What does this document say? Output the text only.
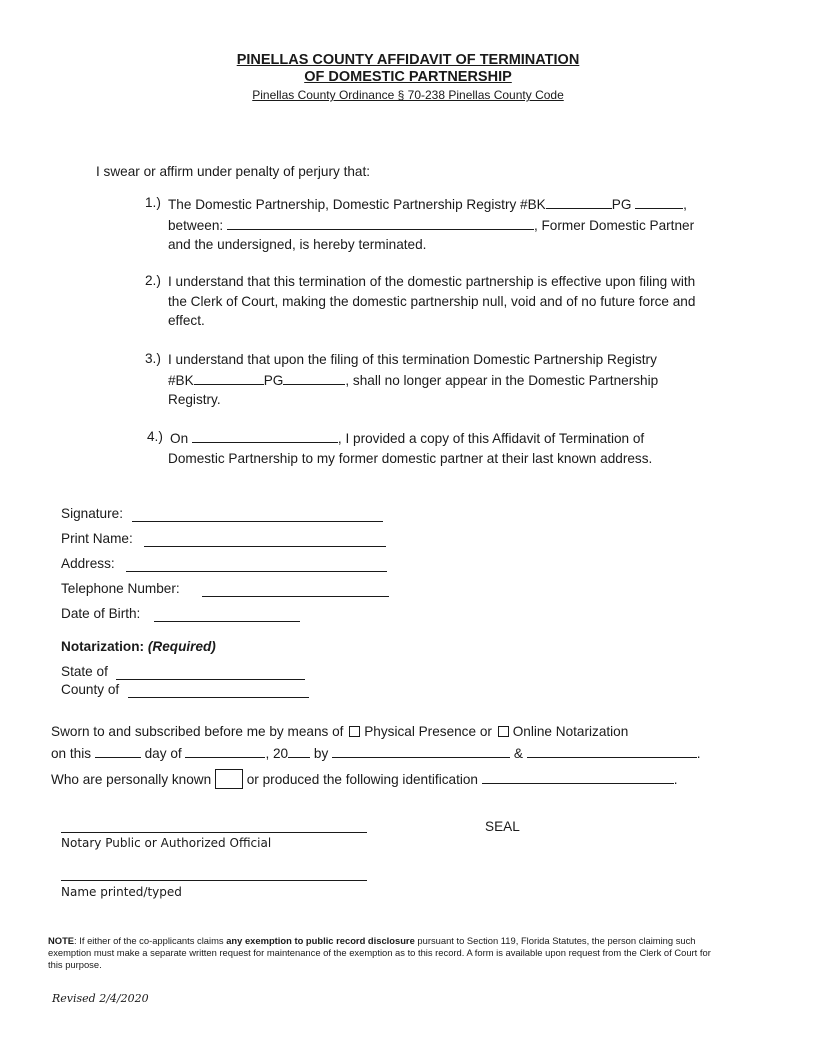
PINELLAS COUNTY AFFIDAVIT OF TERMINATION
OF DOMESTIC PARTNERSHIP
Pinellas County Ordinance § 70-238 Pinellas County Code
I swear or affirm under penalty of perjury that:
1.) The Domestic Partnership, Domestic Partnership Registry #BK	PG	,
between:	, Former Domestic Partner
and the undersigned, is hereby terminated.
2.) I understand that this termination of the domestic partnership is effective upon filing with the Clerk of Court, making the domestic partnership null, void and of no future force and effect.
3.) I understand that upon the filing of this termination Domestic Partnership Registry
#BK	PG	, shall no longer appear in the Domestic Partnership
Registry.
4.) On	, I provided a copy of this Affidavit of Termination of
Domestic Partnership to my former domestic partner at their last known address.
Signature:
Print Name:
Address:
Telephone Number:
Date of Birth:
Notarization: (Required)
State of
County of
Sworn to and subscribed before me by means of Physical Presence or Online Notarization
on this	day of	, 20 by	&	.
Who are personally known	or produced the following identification	.
SEAL
Notary Public or Authorized Official
Name printed/typed
NOTE: If either of the co-applicants claims any exemption to public record disclosure pursuant to Section 119, Florida Statutes, the person claiming such exemption must make a separate written request for maintenance of the exemption as to this record. A form is available upon request from the Clerk of Court for this purpose.
Revised 2/4/2020
